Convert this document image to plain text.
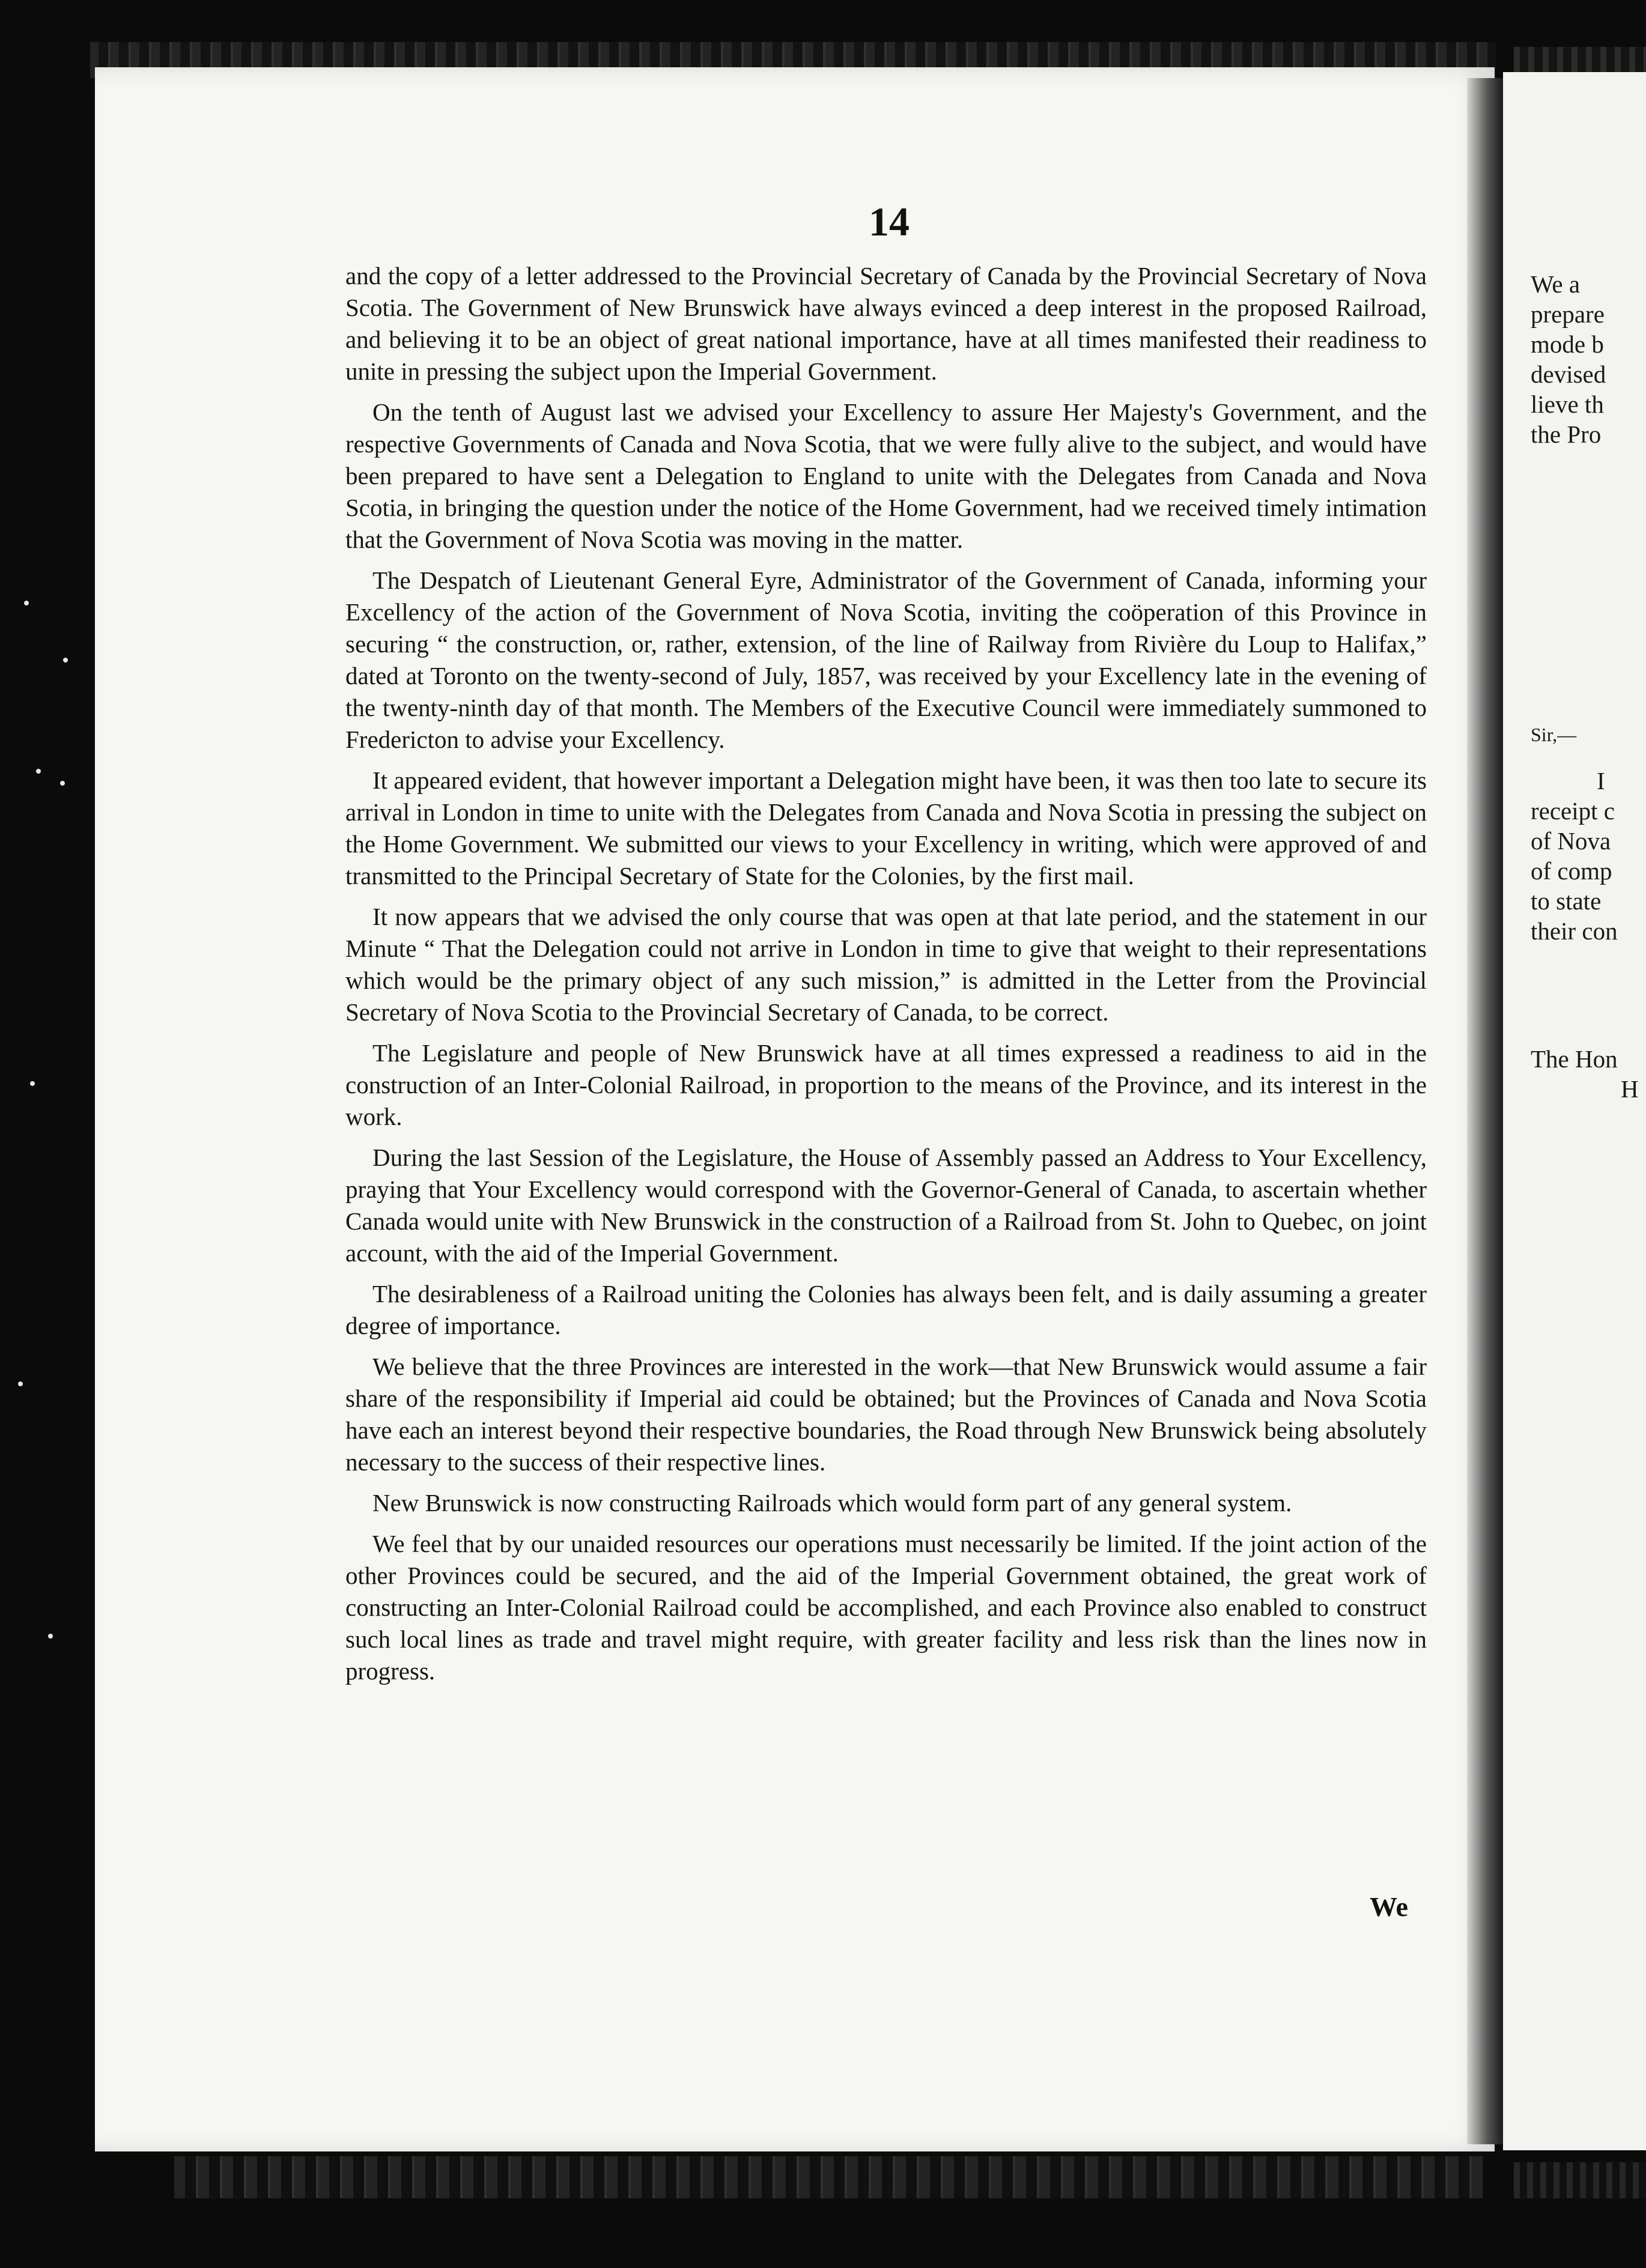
14

and the copy of a letter addressed to the Provincial Secretary of Canada by the Provincial Secretary of Nova Scotia. The Government of New Brunswick have always evinced a deep interest in the proposed Railroad, and believing it to be an object of great national importance, have at all times manifested their readiness to unite in pressing the subject upon the Imperial Government.

On the tenth of August last we advised your Excellency to assure Her Majesty's Government, and the respective Governments of Canada and Nova Scotia, that we were fully alive to the subject, and would have been prepared to have sent a Delegation to England to unite with the Delegates from Canada and Nova Scotia, in bringing the question under the notice of the Home Government, had we received timely intimation that the Government of Nova Scotia was moving in the matter.

The Despatch of Lieutenant General Eyre, Administrator of the Government of Canada, informing your Excellency of the action of the Government of Nova Scotia, inviting the coöperation of this Province in securing “ the construction, or, rather, extension, of the line of Railway from Rivière du Loup to Halifax,” dated at Toronto on the twenty-second of July, 1857, was received by your Excellency late in the evening of the twenty-ninth day of that month. The Members of the Executive Council were immediately summoned to Fredericton to advise your Excellency.

It appeared evident, that however important a Delegation might have been, it was then too late to secure its arrival in London in time to unite with the Delegates from Canada and Nova Scotia in pressing the subject on the Home Government. We submitted our views to your Excellency in writing, which were approved of and transmitted to the Principal Secretary of State for the Colonies, by the first mail.

It now appears that we advised the only course that was open at that late period, and the statement in our Minute “ That the Delegation could not arrive in London in time to give that weight to their representations which would be the primary object of any such mission,” is admitted in the Letter from the Provincial Secretary of Nova Scotia to the Provincial Secretary of Canada, to be correct.

The Legislature and people of New Brunswick have at all times expressed a readiness to aid in the construction of an Inter-Colonial Railroad, in proportion to the means of the Province, and its interest in the work.

During the last Session of the Legislature, the House of Assembly passed an Address to Your Excellency, praying that Your Excellency would correspond with the Governor-General of Canada, to ascertain whether Canada would unite with New Brunswick in the construction of a Railroad from St. John to Quebec, on joint account, with the aid of the Imperial Government.

The desirableness of a Railroad uniting the Colonies has always been felt, and is daily assuming a greater degree of importance.

We believe that the three Provinces are interested in the work—that New Brunswick would assume a fair share of the responsibility if Imperial aid could be obtained; but the Provinces of Canada and Nova Scotia have each an interest beyond their respective boundaries, the Road through New Brunswick being absolutely necessary to the success of their respective lines.

New Brunswick is now constructing Railroads which would form part of any general system.

We feel that by our unaided resources our operations must necessarily be limited. If the joint action of the other Provinces could be secured, and the aid of the Imperial Government obtained, the great work of constructing an Inter-Colonial Railroad could be accomplished, and each Province also enabled to construct such local lines as trade and travel might require, with greater facility and less risk than the lines now in progress.

We
We a
prepare
mode b
devised
lieve th
the Pro
Sir,—
I
receipt c
of Nova
of comp
to state
their con
The Hon
H
